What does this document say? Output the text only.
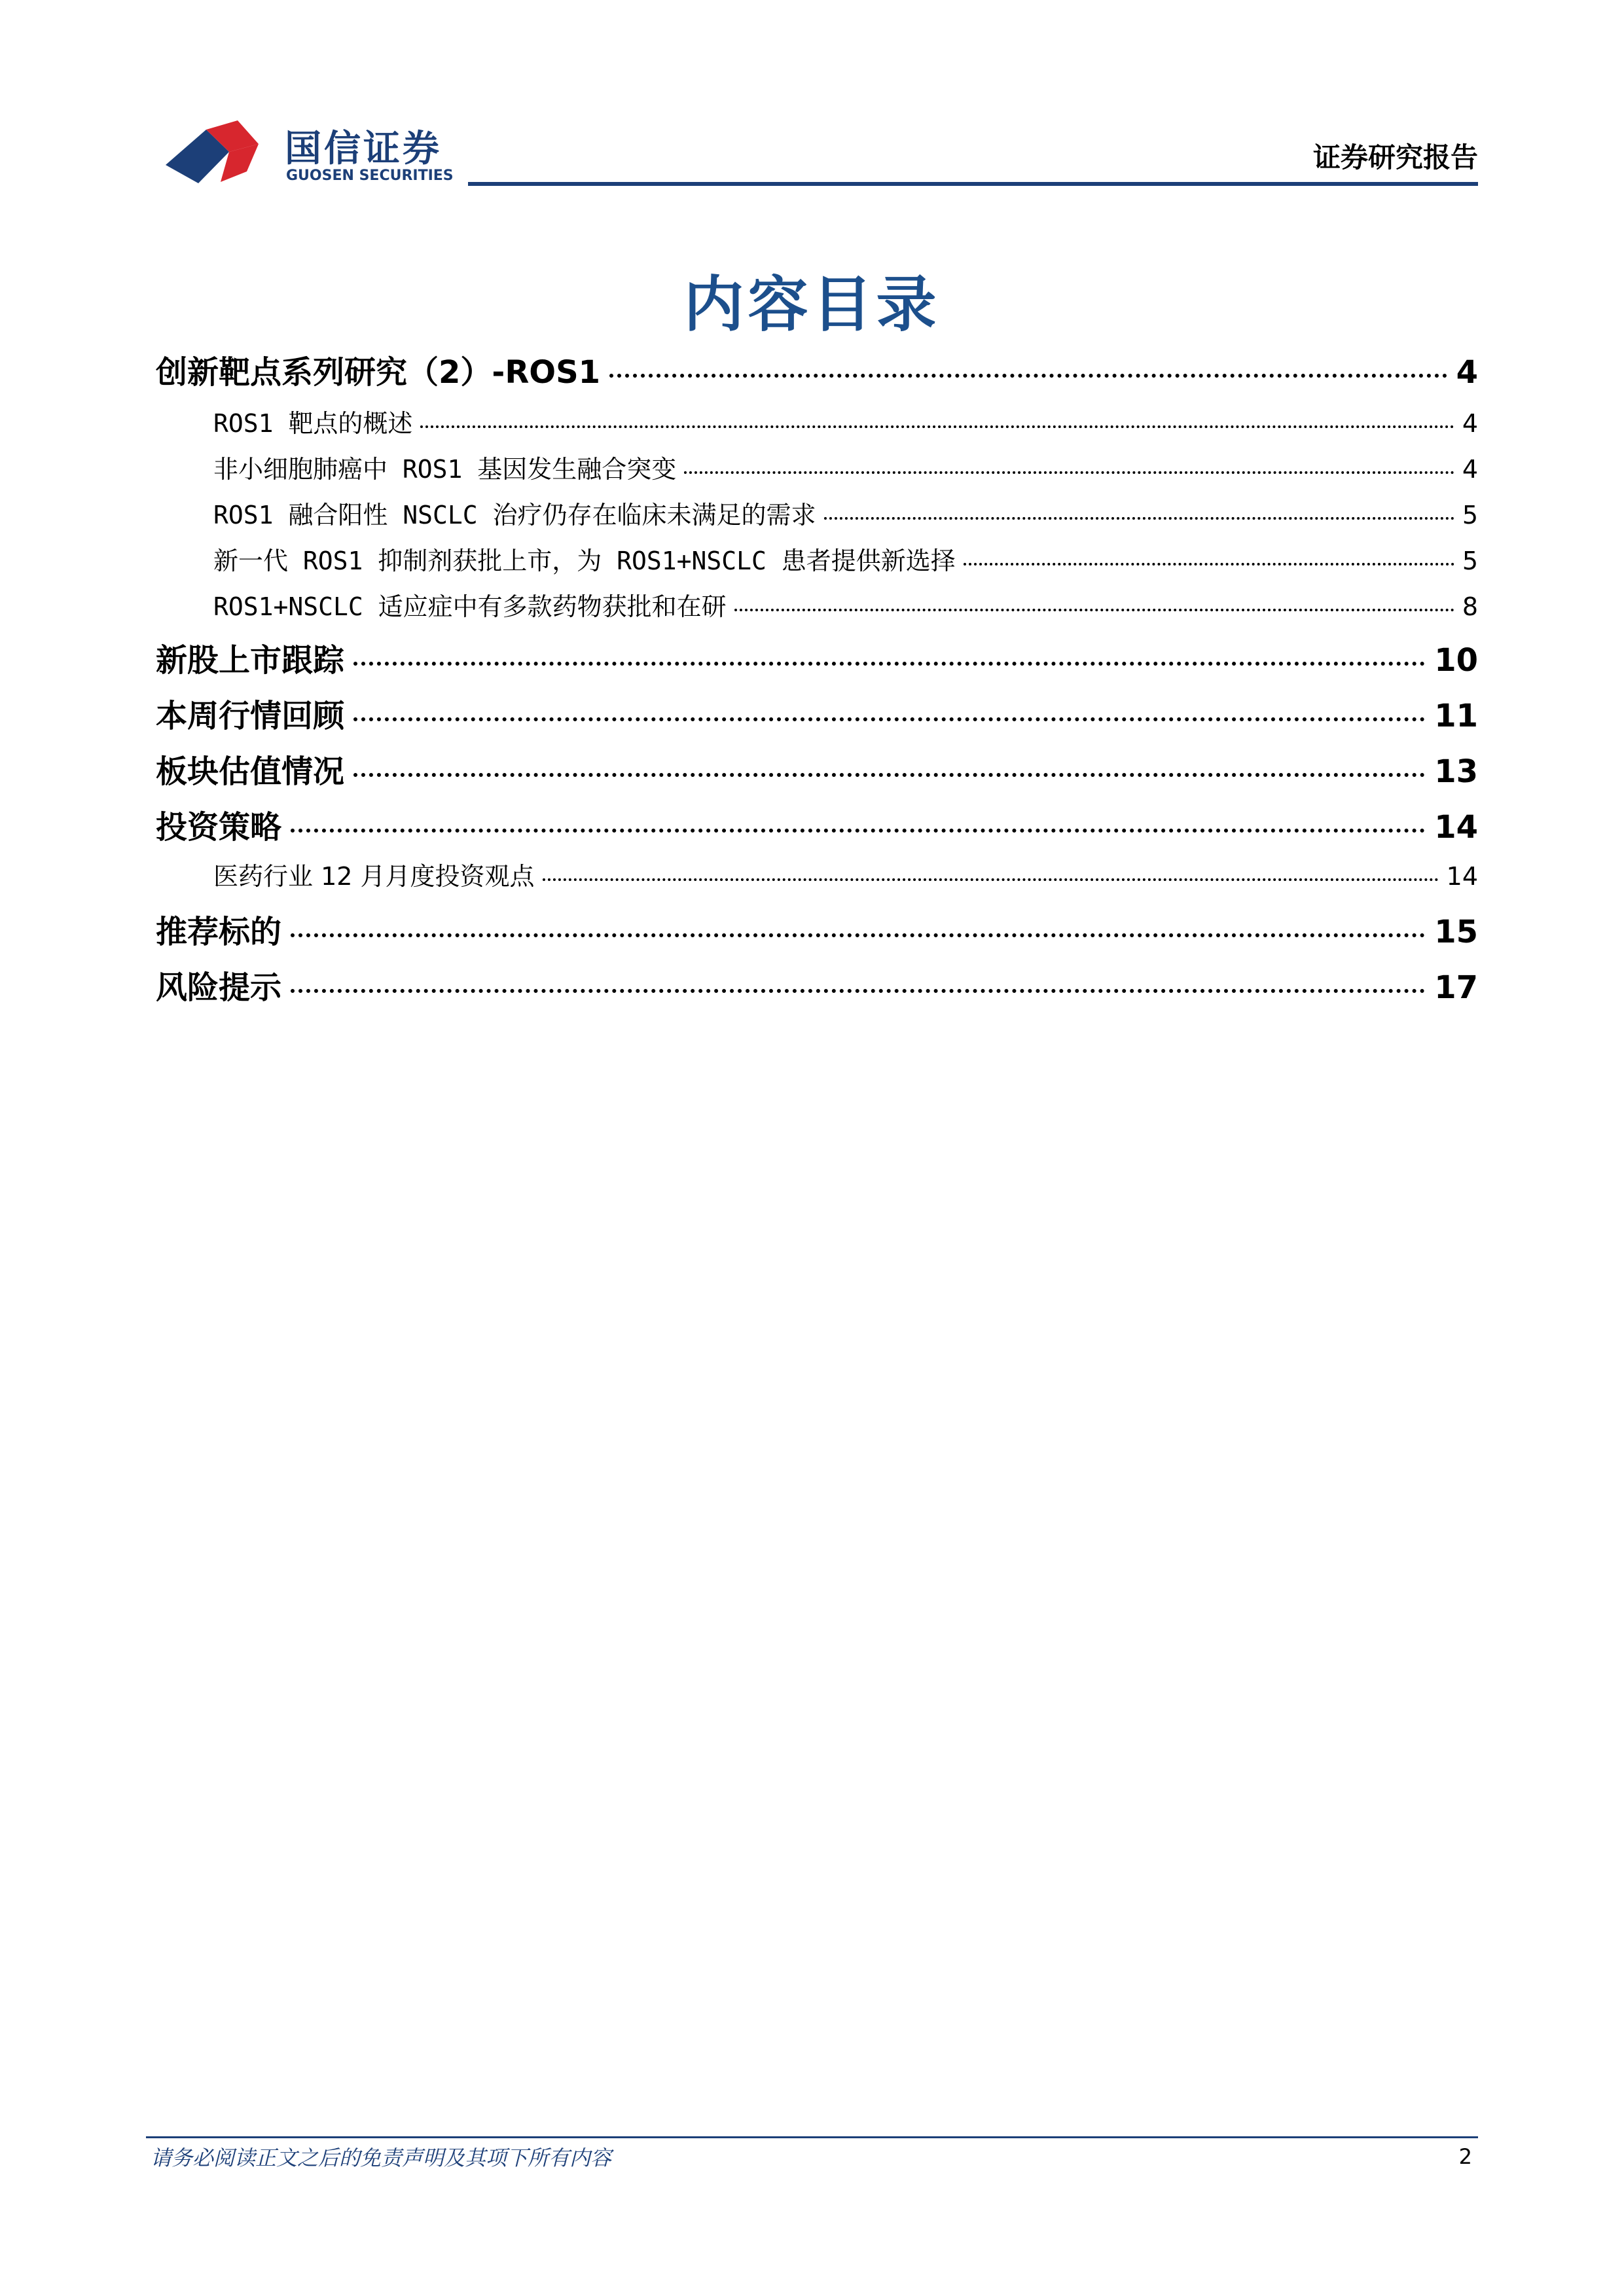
国信证券
GUOSEN SECURITIES
证券研究报告
内容目录
创新靶点系列研究（2）-ROS1	4
ROS1 靶点的概述	4
非小细胞肺癌中 ROS1 基因发生融合突变	4
ROS1 融合阳性 NSCLC 治疗仍存在临床未满足的需求	5
新一代 ROS1 抑制剂获批上市，为 ROS1+NSCLC 患者提供新选择	5
ROS1+NSCLC 适应症中有多款药物获批和在研	8
新股上市跟踪	10
本周行情回顾	11
板块估值情况	13
投资策略	14
医药行业 12 月月度投资观点	14
推荐标的	15
风险提示	17
请务必阅读正文之后的免责声明及其项下所有内容	2
